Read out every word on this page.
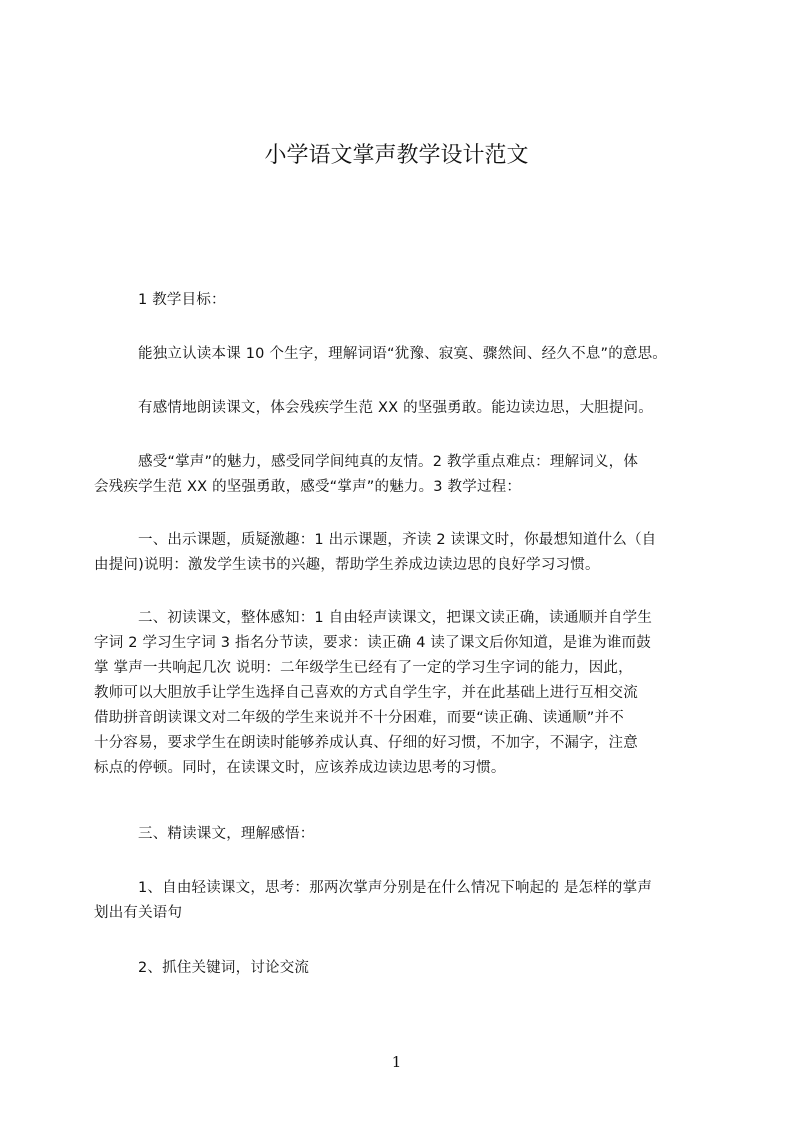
小学语文掌声教学设计范文
1 教学目标：
能独立认读本课 10 个生字，理解词语“犹豫、寂寞、骤然间、经久不息”的意思。
有感情地朗读课文，体会残疾学生范 XX 的坚强勇敢。能边读边思，大胆提问。
感受“掌声”的魅力，感受同学间纯真的友情。2 教学重点难点：理解词义，体
会残疾学生范 XX 的坚强勇敢，感受“掌声”的魅力。3 教学过程：
一、出示课题，质疑激趣：1 出示课题，齐读 2 读课文时，你最想知道什么（自
由提问)说明：激发学生读书的兴趣，帮助学生养成边读边思的良好学习习惯。
二、初读课文，整体感知：1 自由轻声读课文，把课文读正确，读通顺并自学生
字词 2 学习生字词 3 指名分节读，要求：读正确 4 读了课文后你知道，是谁为谁而鼓
掌 掌声一共响起几次 说明：二年级学生已经有了一定的学习生字词的能力，因此，
教师可以大胆放手让学生选择自己喜欢的方式自学生字，并在此基础上进行互相交流
借助拼音朗读课文对二年级的学生来说并不十分困难，而要“读正确、读通顺”并不
十分容易，要求学生在朗读时能够养成认真、仔细的好习惯，不加字，不漏字，注意
标点的停顿。同时，在读课文时，应该养成边读边思考的习惯。
三、精读课文，理解感悟：
1、自由轻读课文，思考：那两次掌声分别是在什么情况下响起的 是怎样的掌声
划出有关语句
2、抓住关键词，讨论交流
1
